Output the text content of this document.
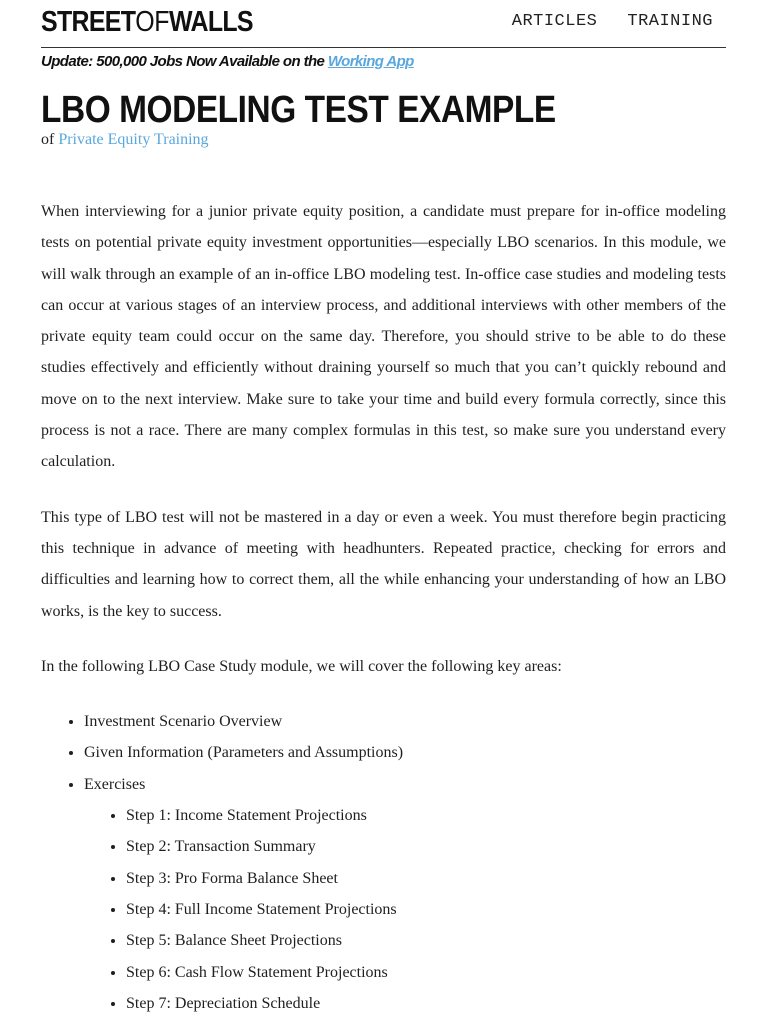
STREETOFWALLS	ARTICLES TRAINING
Update: 500,000 Jobs Now Available on the Working App
LBO MODELING TEST EXAMPLE
of Private Equity Training

When interviewing for a junior private equity position, a candidate must prepare for in-office modeling tests on potential private equity investment opportunities—especially LBO scenarios. In this module, we will walk through an example of an in-office LBO modeling test. In-office case studies and modeling tests can occur at various stages of an interview process, and additional interviews with other members of the private equity team could occur on the same day. Therefore, you should strive to be able to do these studies effectively and efficiently without draining yourself so much that you can’t quickly rebound and move on to the next interview. Make sure to take your time and build every formula correctly, since this process is not a race. There are many complex formulas in this test, so make sure you understand every calculation.

This type of LBO test will not be mastered in a day or even a week. You must therefore begin practicing this technique in advance of meeting with headhunters. Repeated practice, checking for errors and difficulties and learning how to correct them, all the while enhancing your understanding of how an LBO works, is the key to success.

In the following LBO Case Study module, we will cover the following key areas:

• Investment Scenario Overview
• Given Information (Parameters and Assumptions)
• Exercises
• Step 1: Income Statement Projections
• Step 2: Transaction Summary
• Step 3: Pro Forma Balance Sheet
• Step 4: Full Income Statement Projections
• Step 5: Balance Sheet Projections
• Step 6: Cash Flow Statement Projections
• Step 7: Depreciation Schedule
